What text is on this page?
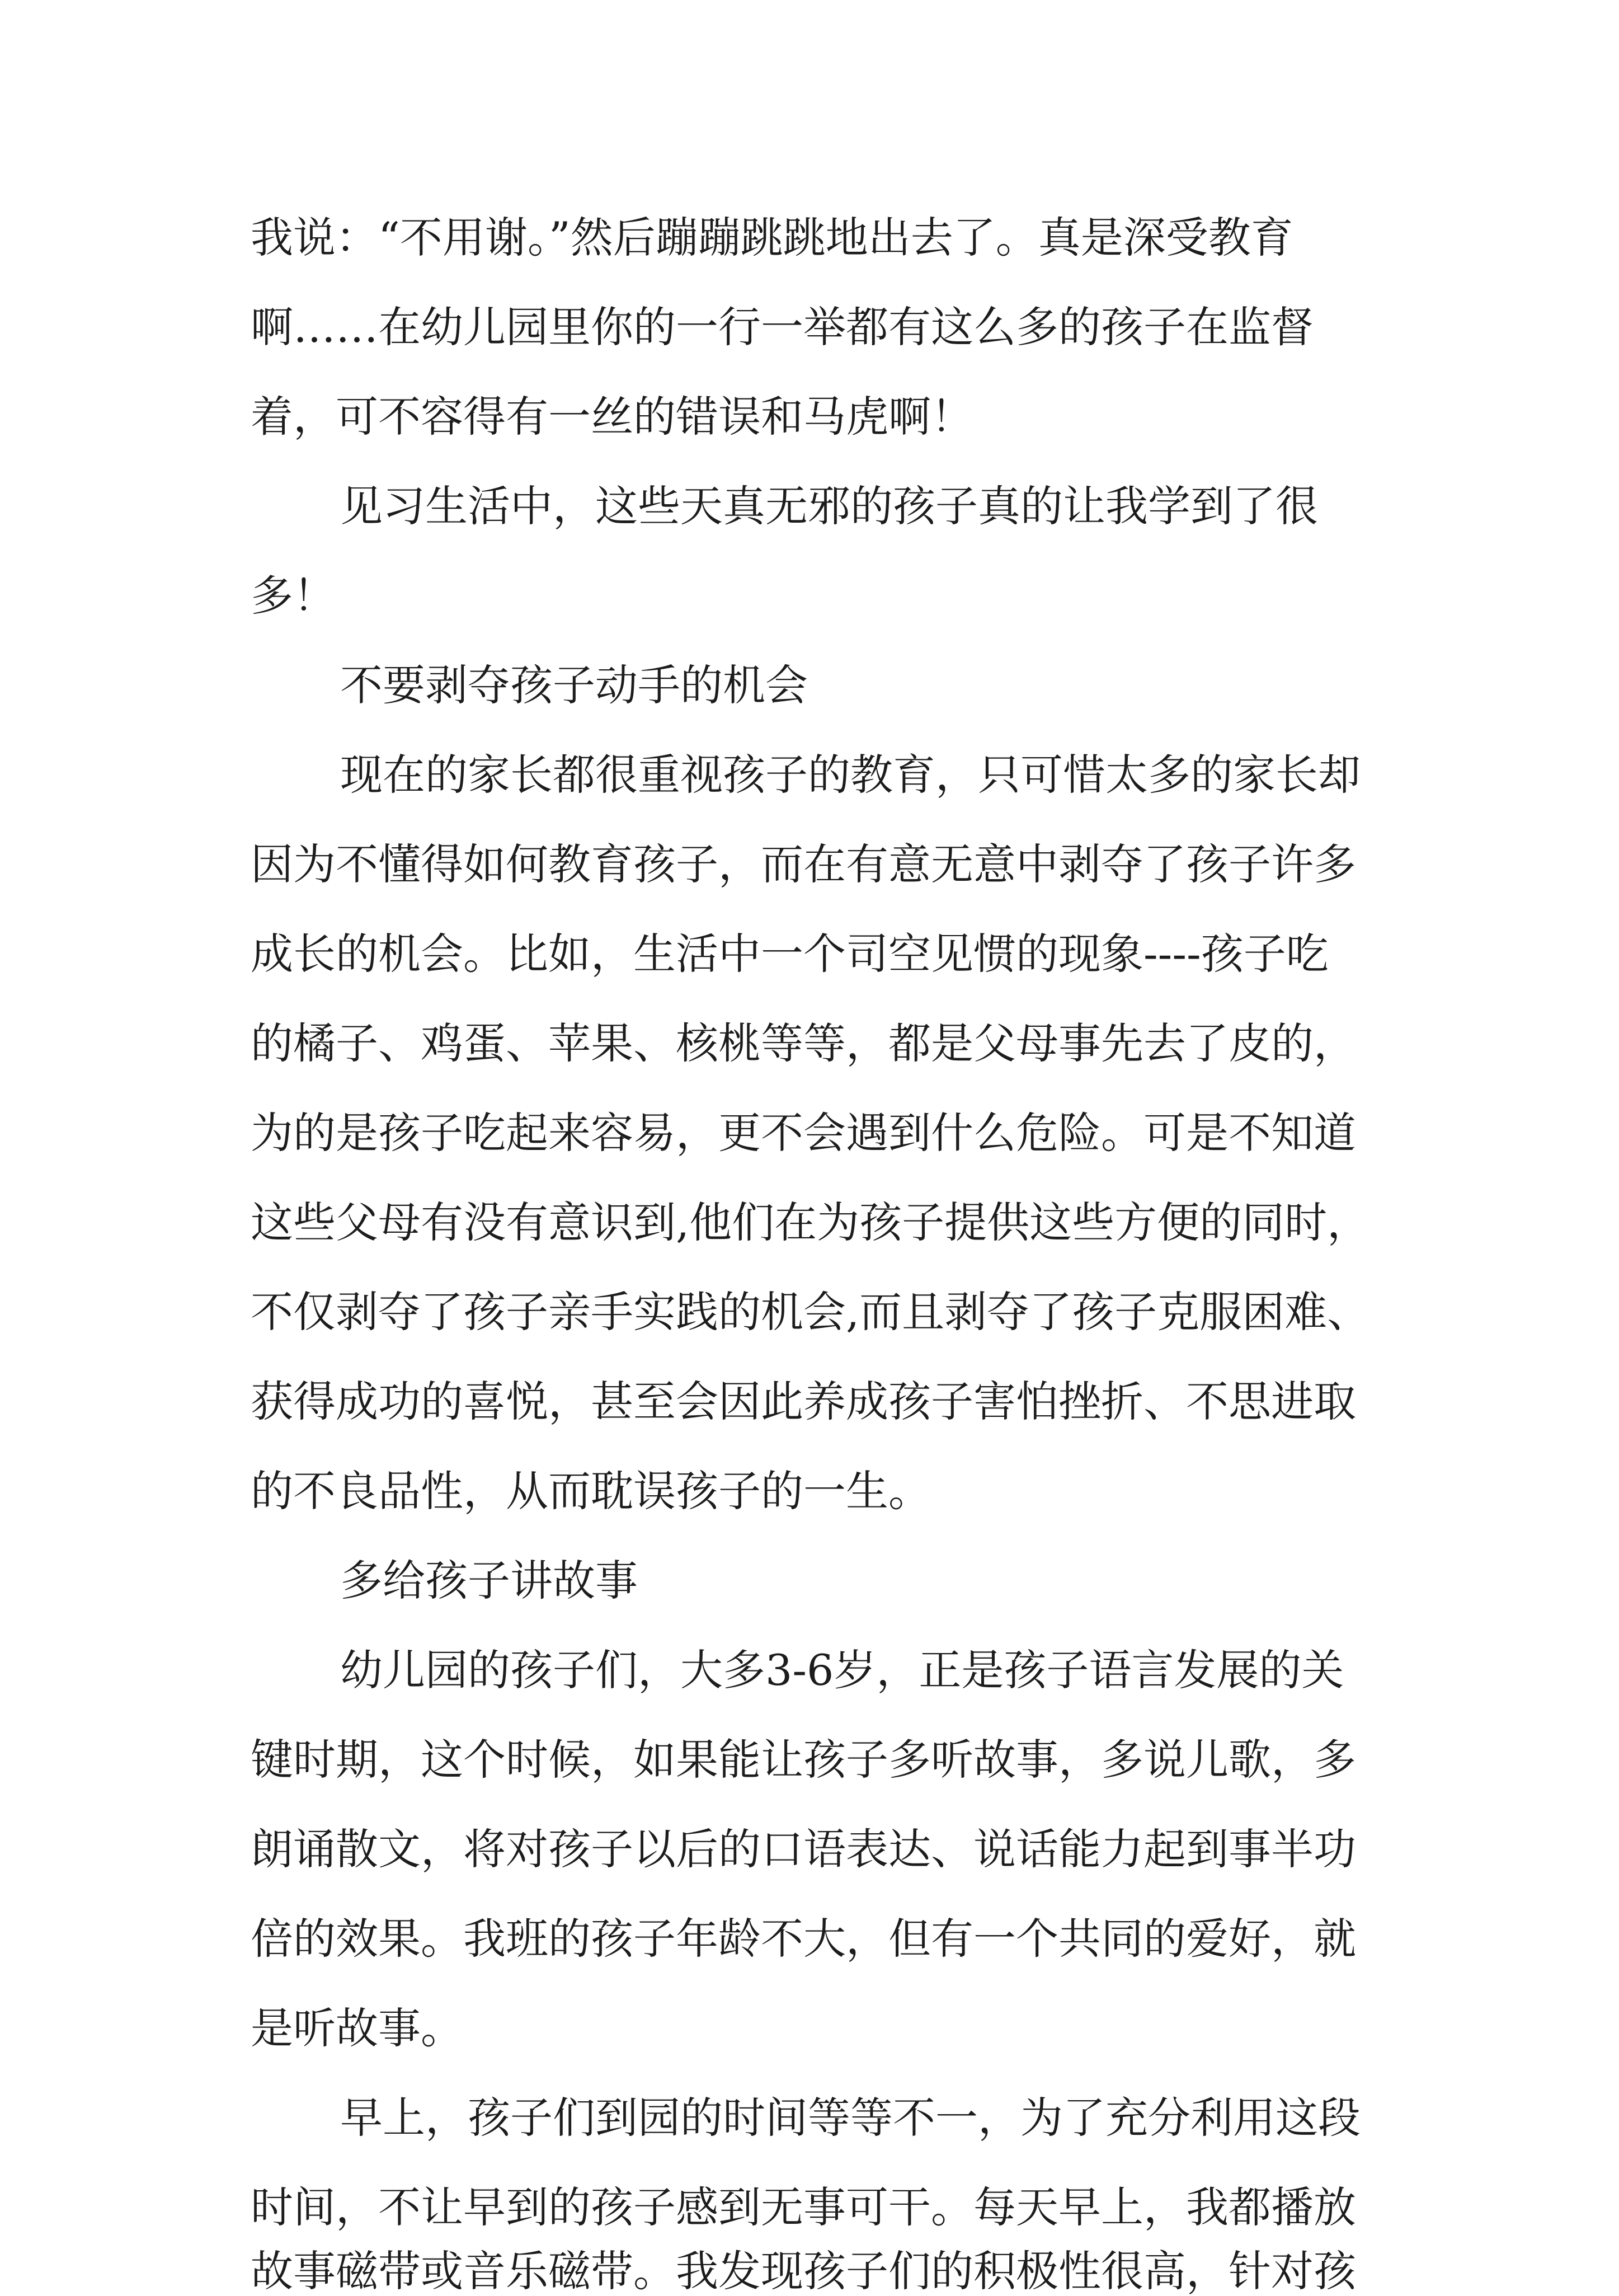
我说：“不用谢。”然后蹦蹦跳跳地出去了。真是深受教育
啊……在幼儿园里你的一行一举都有这么多的孩子在监督
着，可不容得有一丝的错误和马虎啊！
见习生活中，这些天真无邪的孩子真的让我学到了很
多！
不要剥夺孩子动手的机会
现在的家长都很重视孩子的教育，只可惜太多的家长却
因为不懂得如何教育孩子，而在有意无意中剥夺了孩子许多
成长的机会。比如，生活中一个司空见惯的现象----孩子吃
的橘子、鸡蛋、苹果、核桃等等，都是父母事先去了皮的，
为的是孩子吃起来容易，更不会遇到什么危险。可是不知道
这些父母有没有意识到,他们在为孩子提供这些方便的同时，
不仅剥夺了孩子亲手实践的机会,而且剥夺了孩子克服困难、
获得成功的喜悦，甚至会因此养成孩子害怕挫折、不思进取
的不良品性，从而耽误孩子的一生。
多给孩子讲故事
幼儿园的孩子们，大多3-6岁，正是孩子语言发展的关
键时期，这个时候，如果能让孩子多听故事，多说儿歌，多
朗诵散文，将对孩子以后的口语表达、说话能力起到事半功
倍的效果。我班的孩子年龄不大，但有一个共同的爱好，就
是听故事。
早上，孩子们到园的时间等等不一，为了充分利用这段
时间，不让早到的孩子感到无事可干。每天早上，我都播放
故事磁带或音乐磁带。我发现孩子们的积极性很高，针对孩
